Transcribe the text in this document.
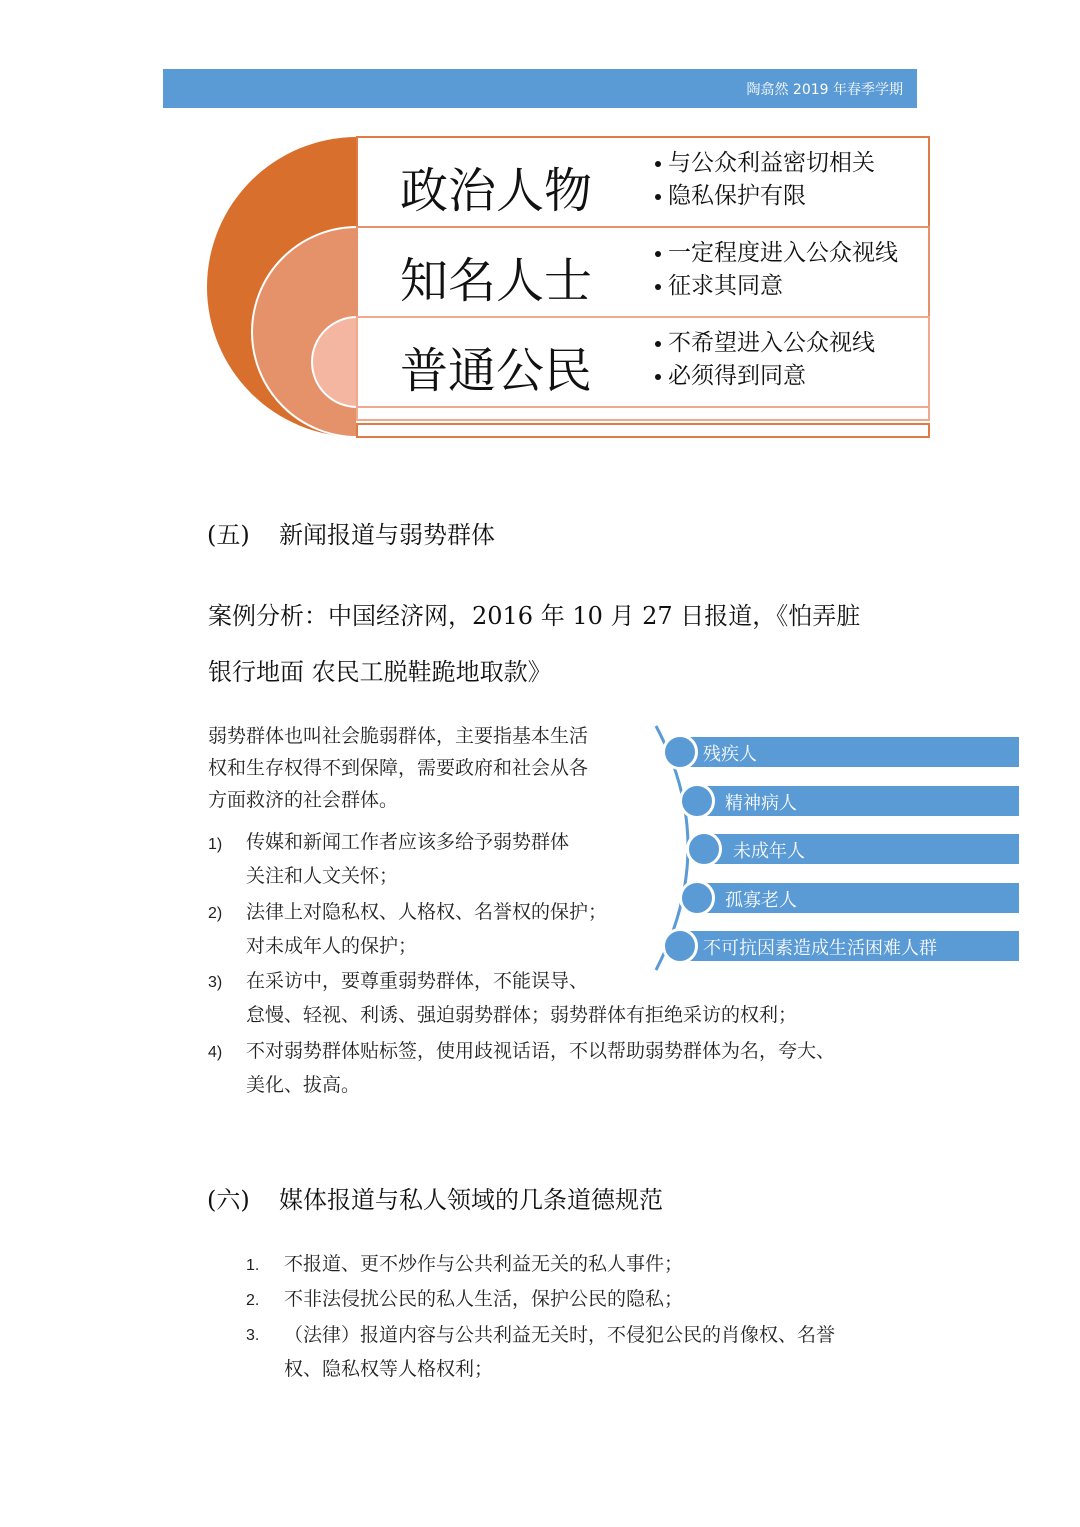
陶翕然 2019 年春季学期
政治人物	与公众利益密切相关
隐私保护有限
知名人士	一定程度进入公众视线
征求其同意
普通公民	不希望进入公众视线
必须得到同意
(五) 新闻报道与弱势群体
案例分析：中国经济网，2016 年 10 月 27 日报道，《怕弄脏
银行地面 农民工脱鞋跪地取款》
弱势群体也叫社会脆弱群体，主要指基本生活
权和生存权得不到保障，需要政府和社会从各
方面救济的社会群体。
1) 传媒和新闻工作者应该多给予弱势群体
关注和人文关怀；
2) 法律上对隐私权、人格权、名誉权的保护；
对未成年人的保护；
3) 在采访中，要尊重弱势群体，不能误导、
怠慢、轻视、利诱、强迫弱势群体；弱势群体有拒绝采访的权利；
4) 不对弱势群体贴标签，使用歧视话语，不以帮助弱势群体为名，夸大、
美化、拔高。
残疾人
精神病人
未成年人
孤寡老人
不可抗因素造成生活困难人群
(六) 媒体报道与私人领域的几条道德规范
1. 不报道、更不炒作与公共利益无关的私人事件；
2. 不非法侵扰公民的私人生活，保护公民的隐私；
3. （法律）报道内容与公共利益无关时，不侵犯公民的肖像权、名誉
权、隐私权等人格权利；
